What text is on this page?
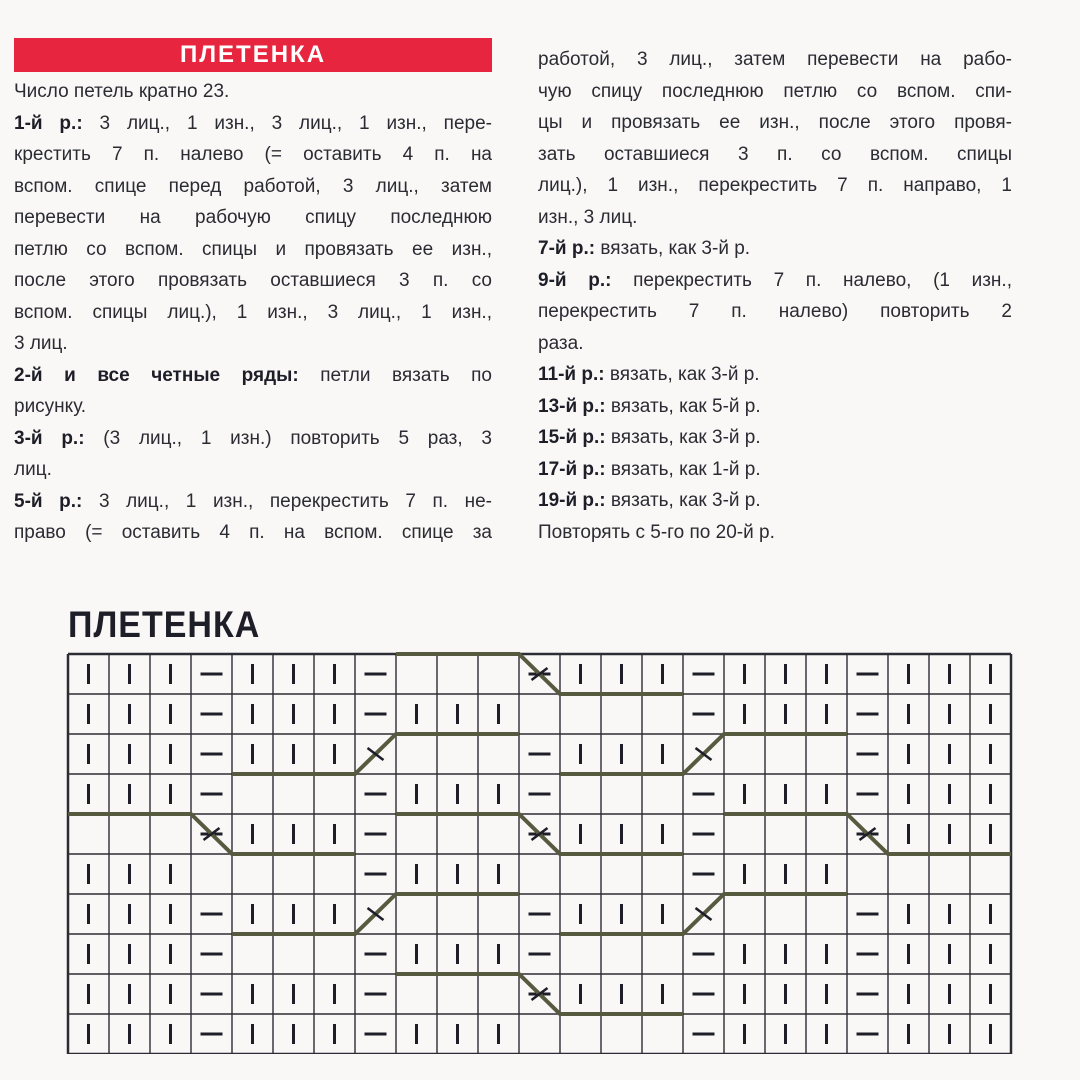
ПЛЕТЕНКА
Число петель кратно 23.
1-й р.: 3 лиц., 1 изн., 3 лиц., 1 изн., пере-
крестить 7 п. налево (= оставить 4 п. на
вспом. спице перед работой, 3 лиц., затем
перевести на рабочую спицу последнюю
петлю со вспом. спицы и провязать ее изн.,
после этого провязать оставшиеся 3 п. со
вспом. спицы лиц.), 1 изн., 3 лиц., 1 изн.,
3 лиц.
2-й и все четные ряды: петли вязать по
рисунку.
3-й р.: (3 лиц., 1 изн.) повторить 5 раз, 3
лиц.
5-й р.: 3 лиц., 1 изн., перекрестить 7 п. не-
право (= оставить 4 п. на вспом. спице за
работой, 3 лиц., затем перевести на рабо-
чую спицу последнюю петлю со вспом. спи-
цы и провязать ее изн., после этого провя-
зать оставшиеся 3 п. со вспом. спицы
лиц.), 1 изн., перекрестить 7 п. направо, 1
изн., 3 лиц.
7-й р.: вязать, как 3-й р.
9-й р.: перекрестить 7 п. налево, (1 изн.,
перекрестить 7 п. налево) повторить 2
раза.
11-й р.: вязать, как 3-й р.
13-й р.: вязать, как 5-й р.
15-й р.: вязать, как 3-й р.
17-й р.: вязать, как 1-й р.
19-й р.: вязать, как 3-й р.
Повторять с 5-го по 20-й р.
ПЛЕТЕНКА
